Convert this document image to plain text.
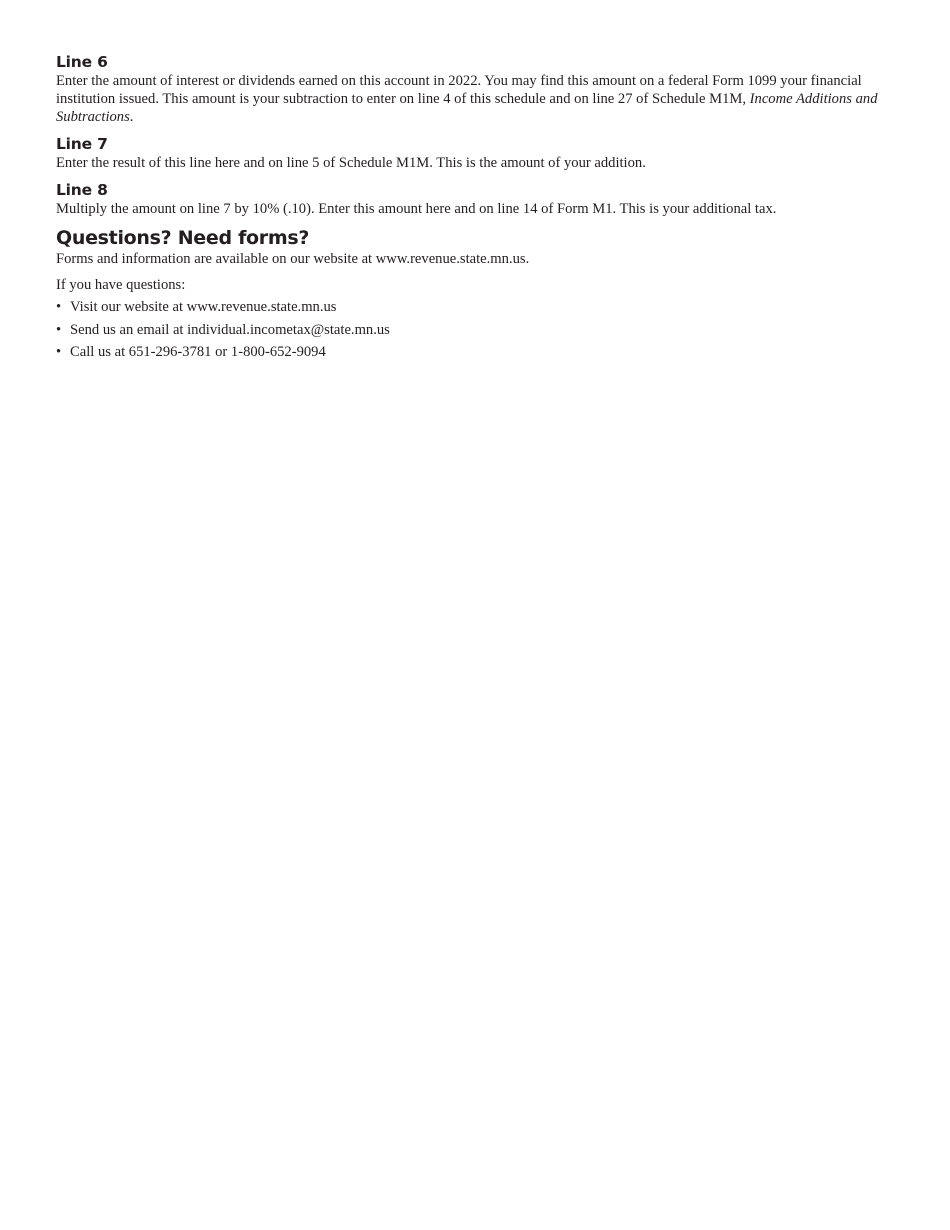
Line 6

Enter the amount of interest or dividends earned on this account in 2022. You may find this amount on a federal Form 1099 your financial institution issued. This amount is your subtraction to enter on line 4 of this schedule and on line 27 of Schedule M1M, Income Additions and Subtractions.

Line 7

Enter the result of this line here and on line 5 of Schedule M1M. This is the amount of your addition.

Line 8

Multiply the amount on line 7 by 10% (.10). Enter this amount here and on line 14 of Form M1. This is your additional tax.

Questions? Need forms?

Forms and information are available on our website at www.revenue.state.mn.us.

If you have questions:

• Visit our website at www.revenue.state.mn.us
• Send us an email at individual.incometax@state.mn.us
• Call us at 651-296-3781 or 1-800-652-9094
